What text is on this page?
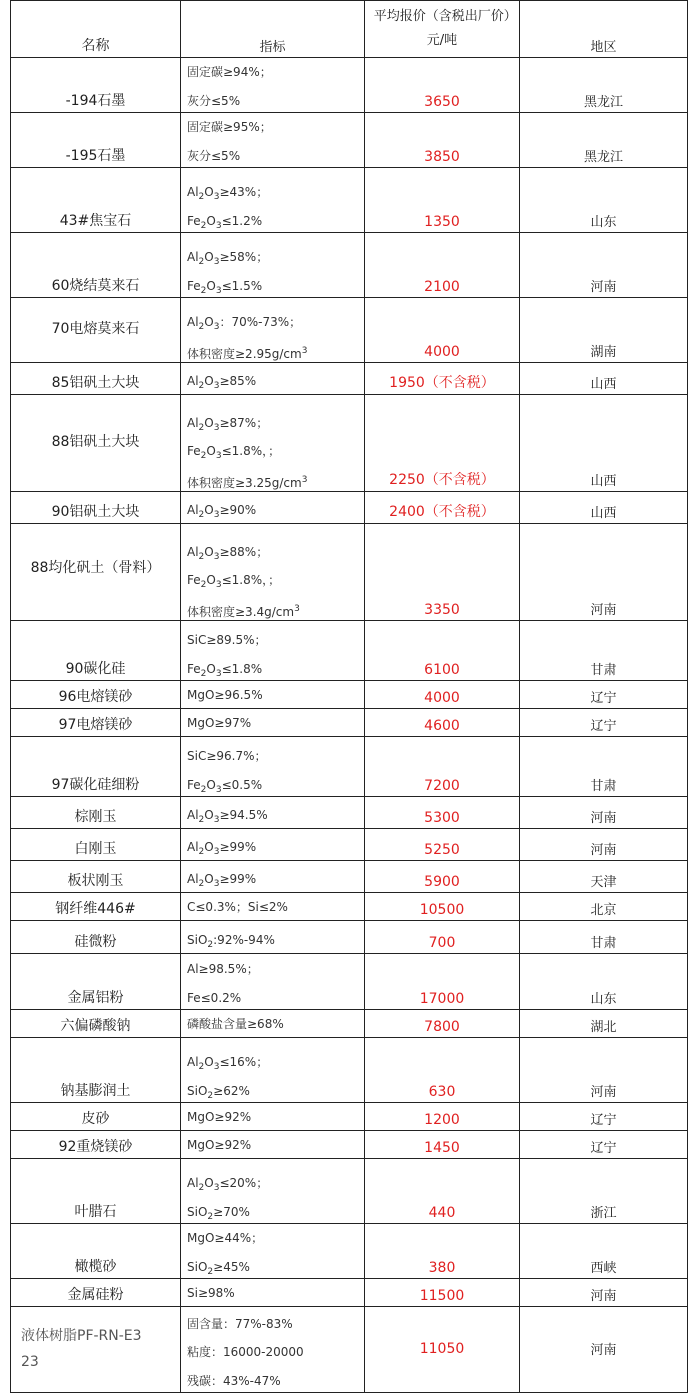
名称	指标	平均报价（含税出厂价）元/吨	地区
-194石墨	固定碳≥94%；
灰分≤5%	3650	黑龙江
-195石墨	固定碳≥95%；
灰分≤5%	3850	黑龙江
43#焦宝石	$Al_2O_3\ge 43\%$；
$Fe_2O_3\le 1.2\%$	1350	山东
60烧结莫来石	$Al_2O_3\ge 58\%$；
$Fe_2O_3\le 1.5\%$	2100	河南
70电熔莫来石	$Al_2O_3$：70%-73%；
体积密度$\ge 2.95g/cm^3$	4000	湖南
85铝矾土大块	$Al_2O_3\ge 85\%$	1950（不含税）	山西
88铝矾土大块	$Al_2O_3\ge 87\%$；
$Fe_2O_3\le 1.8\%$，；
体积密度$\ge 3.25g/cm^3$	2250（不含税）	山西
90铝矾土大块	$Al_2O_3\ge 90\%$	2400（不含税）	山西
88均化矾土（骨料）	$Al_2O_3\ge 88\%$；
$Fe_2O_3\le 1.8\%$，；
体积密度$\ge 3.4g/cm^3$	3350	河南
90碳化硅	SiC≥89.5%；
$Fe_2O_3\le 1.8\%$	6100	甘肃
96电熔镁砂	MgO≥96.5%	4000	辽宁
97电熔镁砂	MgO≥97%	4600	辽宁
97碳化硅细粉	SiC≥96.7%；
$Fe_2O_3\le 0.5\%$	7200	甘肃
棕刚玉	$Al_2O_3\ge 94.5\%$	5300	河南
白刚玉	$Al_2O_3\ge 99\%$	5250	河南
板状刚玉	$Al_2O_3\ge 99\%$	5900	天津
钢纤维446#	C≤0.3%；Si≤2%	10500	北京
硅微粉	SiO$_2$:92%-94%	700	甘肃
金属铝粉	Al≥98.5%；
Fe≤0.2%	17000	山东
六偏磷酸钠	磷酸盐含量≥68%	7800	湖北
钠基膨润土	$Al_2O_3\le 16\%$；
SiO$_2$≥62%	630	河南
皮砂	MgO≥92%	1200	辽宁
92重烧镁砂	MgO≥92%	1450	辽宁
叶腊石	$Al_2O_3\le 20\%$；
SiO$_2$≥70%	440	浙江
橄榄砂	MgO≥44%；
SiO$_2$≥45%	380	西峡
金属硅粉	Si≥98%	11500	河南
液体树脂PF-RN-E323	固含量：77%-83%
粘度：16000-20000
残碳：43%-47%	11050	河南
